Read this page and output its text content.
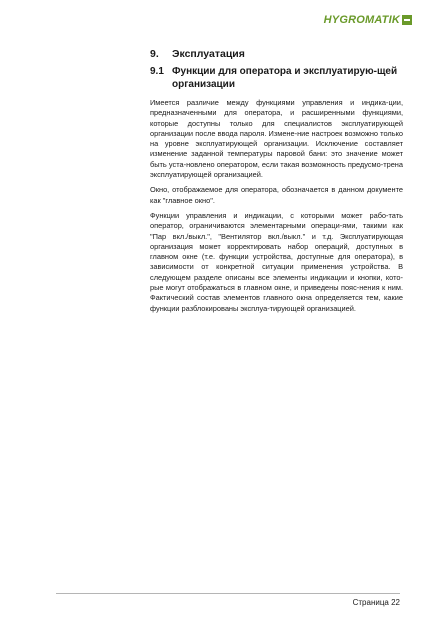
HYGROMATIK
9.	Эксплуатация
9.1 Функции для оператора и эксплуатирую-щей организации

Имеется различие между функциями управления и индика-ции, предназначенными для оператора, и расширенными функциями, которые доступны только для специалистов эксплуатирующей организации после ввода пароля. Измене-ние настроек возможно только на уровне эксплуатирующей организации. Исключение составляет изменение заданной температуры паровой бани: это значение может быть уста-новлено оператором, если такая возможность предусмо-трена эксплуатирующей организацией.

Окно, отображаемое для оператора, обозначается в данном документе как "главное окно".

Функции управления и индикации, с которыми может рабо-тать оператор, ограничиваются элементарными операци-ями, такими как "Пар вкл./выкл.", "Вентилятор вкл./выкл." и т.д. Эксплуатирующая организация может корректировать набор операций, доступных в главном окне (т.е. функции устройства, доступные для оператора), в зависимости от конкретной ситуации применения устройства. В следующем разделе описаны все элементы индикации и кнопки, кото-рые могут отображаться в главном окне, и приведены пояс-нения к ним. Фактический состав элементов главного окна определяется тем, какие функции разблокированы эксплуа-тирующей организацией.

Страница 22
